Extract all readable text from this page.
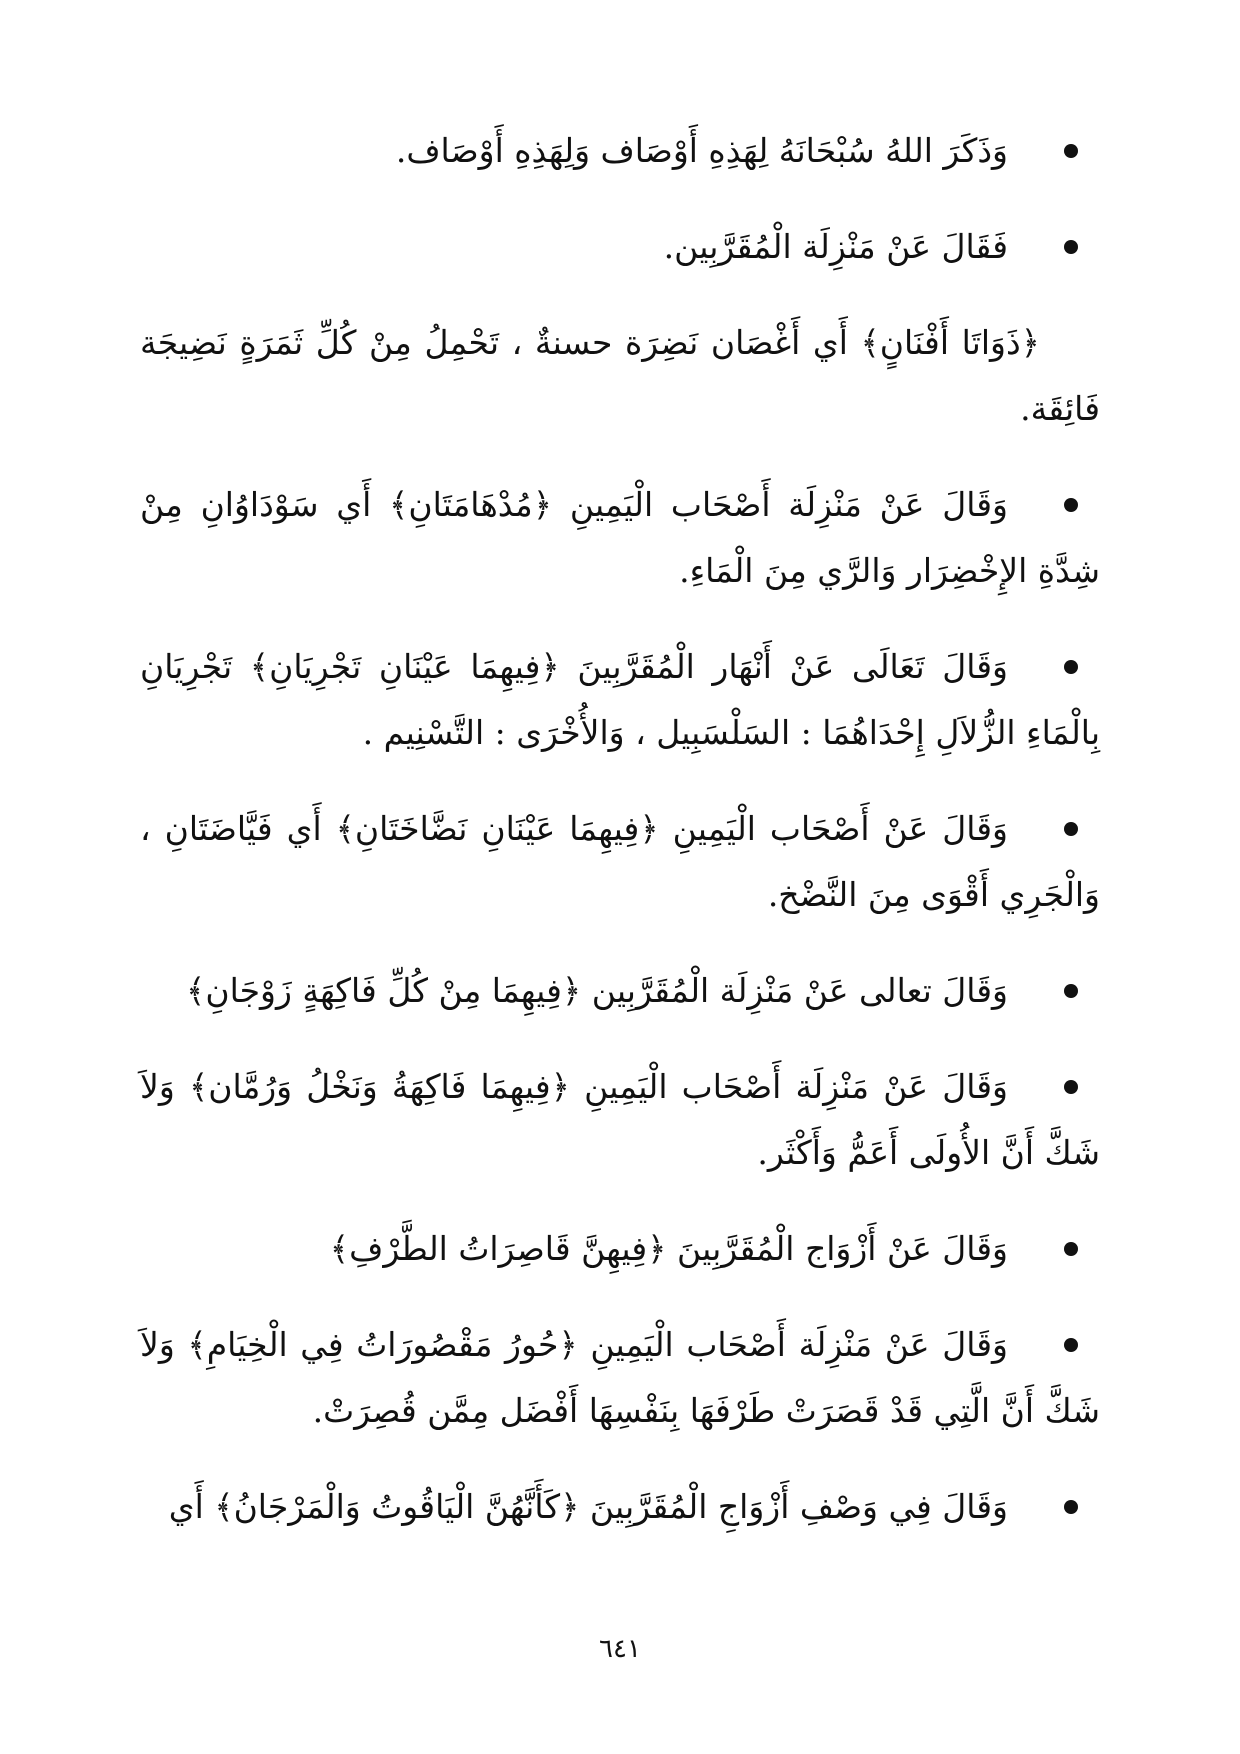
وَذَكَرَ اللهُ سُبْحَانَهُ لِهَذِهِ أَوْصَاف وَلِهَذِهِ أَوْصَاف.

فَقَالَ عَنْ مَنْزِلَة الْمُقَرَّبِين.

﴿ذَوَاتَا أَفْنَانٍ﴾ أَي أَغْصَان نَضِرَة حسنةٌ ، تَحْمِلُ مِنْ كُلِّ ثَمَرَةٍ نَضِيجَة فَائِقَة.

وَقَالَ عَنْ مَنْزِلَة أَصْحَاب الْيَمِينِ ﴿مُدْهَامَتَانِ﴾ أَي سَوْدَاوُانِ مِنْ شِدَّةِ الإِخْضِرَار وَالرَّي مِنَ الْمَاءِ.

وَقَالَ تَعَالَى عَنْ أَنْهَار الْمُقَرَّبِينَ ﴿فِيهِمَا عَيْنَانِ تَجْرِيَانِ﴾ تَجْرِيَانِ بِالْمَاءِ الزُّلاَلِ إِحْدَاهُمَا : السَلْسَبِيل ، وَالأُخْرَى : التَّسْنِيم .

وَقَالَ عَنْ أَصْحَاب الْيَمِينِ ﴿فِيهِمَا عَيْنَانِ نَضَّاخَتَانِ﴾ أَي فَيَّاضَتَانِ ، وَالْجَرِي أَقْوَى مِنَ النَّضْخ.

وَقَالَ تعالى عَنْ مَنْزِلَة الْمُقَرَّبِين ﴿فِيهِمَا مِنْ كُلِّ فَاكِهَةٍ زَوْجَانِ﴾

وَقَالَ عَنْ مَنْزِلَة أَصْحَاب الْيَمِينِ ﴿فِيهِمَا فَاكِهَةُ وَنَخْلُ وَرُمَّان﴾ وَلاَ شَكَّ أَنَّ الأُولَى أَعَمُّ وَأَكْثَر.

وَقَالَ عَنْ أَزْوَاج الْمُقَرَّبِينَ ﴿فِيهِنَّ قَاصِرَاتُ الطَّرْفِ﴾

وَقَالَ عَنْ مَنْزِلَة أَصْحَاب الْيَمِينِ ﴿حُورُ مَقْصُورَاتُ فِي الْخِيَامِ﴾ وَلاَ شَكَّ أَنَّ الَّتِي قَدْ قَصَرَتْ طَرْفَهَا بِنَفْسِهَا أَفْضَل مِمَّن قُصِرَتْ.

وَقَالَ فِي وَصْفِ أَزْوَاجِ الْمُقَرَّبِينَ ﴿كَأَنَّهُنَّ الْيَاقُوتُ وَالْمَرْجَانُ﴾ أَي

٦٤١
